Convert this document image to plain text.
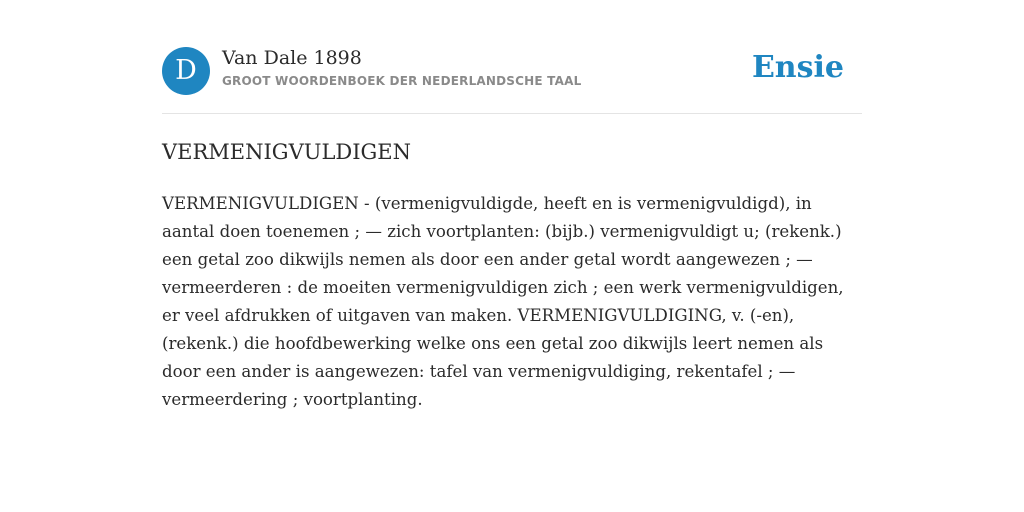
D	Van Dale 1898
GROOT WOORDENBOEK DER NEDERLANDSCHE TAAL	Ensie
VERMENIGVULDIGEN
VERMENIGVULDIGEN - (vermenigvuldigde, heeft en is vermenigvuldigd), in
aantal doen toenemen ; — zich voortplanten: (bijb.) vermenigvuldigt u; (rekenk.)
een getal zoo dikwijls nemen als door een ander getal wordt aangewezen ; —
vermeerderen : de moeiten vermenigvuldigen zich ; een werk vermenigvuldigen,
er veel afdrukken of uitgaven van maken. VERMENIGVULDIGING, v. (-en),
(rekenk.) die hoofdbewerking welke ons een getal zoo dikwijls leert nemen als
door een ander is aangewezen: tafel van vermenigvuldiging, rekentafel ; —
vermeerdering ; voortplanting.
